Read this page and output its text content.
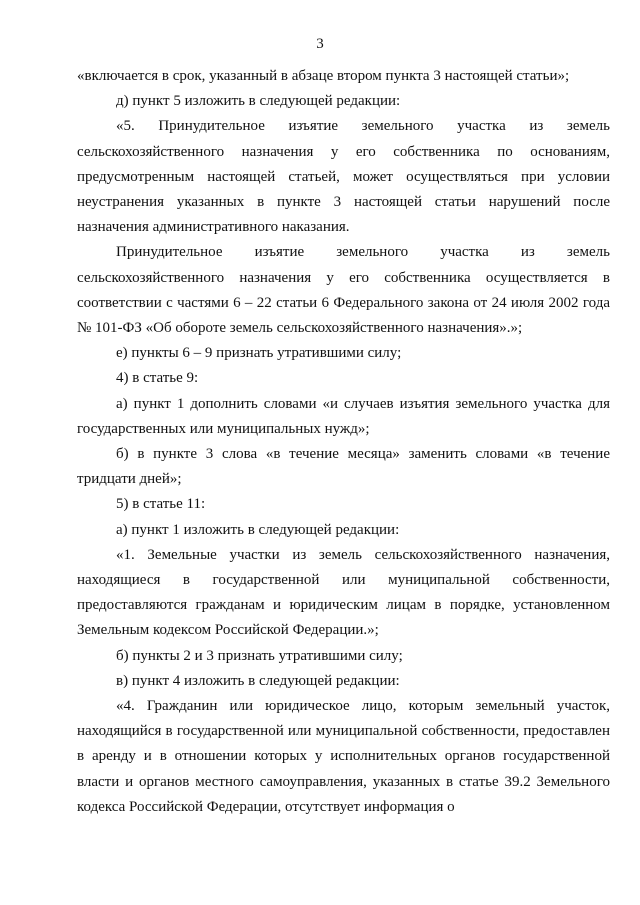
3

«включается в срок, указанный в абзаце втором пункта 3 настоящей статьи»;

д) пункт 5 изложить в следующей редакции:

«5. Принудительное изъятие земельного участка из земель сельскохозяйственного назначения у его собственника по основаниям, предусмотренным настоящей статьей, может осуществляться при условии неустранения указанных в пункте 3 настоящей статьи нарушений после назначения административного наказания.

Принудительное изъятие земельного участка из земель сельскохозяйственного назначения у его собственника осуществляется в соответствии с частями 6 – 22 статьи 6 Федерального закона от 24 июля 2002 года № 101-ФЗ «Об обороте земель сельскохозяйственного назначения».»;

е) пункты 6 – 9 признать утратившими силу;

4) в статье 9:

а) пункт 1 дополнить словами «и случаев изъятия земельного участка для государственных или муниципальных нужд»;

б) в пункте 3 слова «в течение месяца» заменить словами «в течение тридцати дней»;

5) в статье 11:

а) пункт 1 изложить в следующей редакции:

«1. Земельные участки из земель сельскохозяйственного назначения, находящиеся в государственной или муниципальной собственности, предоставляются гражданам и юридическим лицам в порядке, установленном Земельным кодексом Российской Федерации.»;

б) пункты 2 и 3 признать утратившими силу;

в) пункт 4 изложить в следующей редакции:

«4. Гражданин или юридическое лицо, которым земельный участок, находящийся в государственной или муниципальной собственности, предоставлен в аренду и в отношении которых у исполнительных органов государственной власти и органов местного самоуправления, указанных в статье 39.2 Земельного кодекса Российской Федерации, отсутствует информация о
